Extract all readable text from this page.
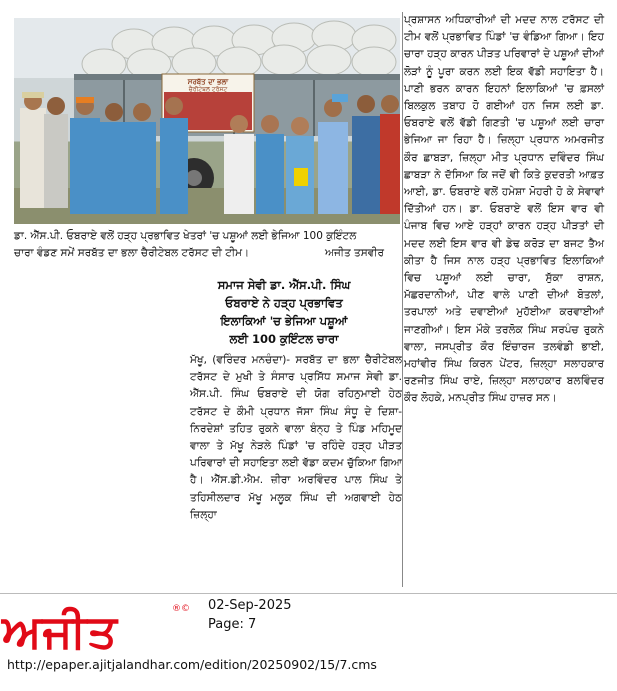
ਸਰਬੱਤ ਦਾ ਭਲਾ
ਚੈਰੀਟੇਬਲ ਟਰੱਸਟ
ਡਾ. ਐੱਸ.ਪੀ. ਓਬਰਾਏ ਵਲੋਂ ਹੜ੍ਹ ਪ੍ਰਭਾਵਿਤ ਖੇਤਰਾਂ 'ਚ ਪਸ਼ੂਆਂ ਲਈ ਭੇਜਿਆ 100 ਕੁਇੰਟਲ
ਚਾਰਾ ਵੰਡਣ ਸਮੇਂ ਸਰਬੱਤ ਦਾ ਭਲਾ ਚੈਰੀਟੇਬਲ ਟਰੱਸਟ ਦੀ ਟੀਮ।	ਅਜੀਤ ਤਸਵੀਰ
ਸਮਾਜ ਸੇਵੀ ਡਾ. ਐੱਸ.ਪੀ. ਸਿੰਘ
ਓਬਰਾਏ ਨੇ ਹੜ੍ਹ ਪ੍ਰਭਾਵਿਤ
ਇਲਾਕਿਆਂ 'ਚ ਭੇਜਿਆ ਪਸ਼ੂਆਂ
ਲਈ 100 ਕੁਇੰਟਲ ਚਾਰਾ

ਮੱਖੂ, (ਵਰਿੰਦਰ ਮਨਚੰਦਾ)- ਸਰਬੱਤ ਦਾ ਭਲਾ ਚੈਰੀਟੇਬਲ ਟਰੱਸਟ ਦੇ ਮੁਖੀ ਤੇ ਸੰਸਾਰ ਪ੍ਰਸਿੱਧ ਸਮਾਜ ਸੇਵੀ ਡਾ. ਐੱਸ.ਪੀ. ਸਿੰਘ ਓਬਰਾਏ ਦੀ ਯੋਗ ਰਹਿਨੁਮਾਈ ਹੇਠ ਟਰੱਸਟ ਦੇ ਕੌਮੀ ਪ੍ਰਧਾਨ ਜੱਸਾ ਸਿੰਘ ਸੰਧੂ ਦੇ ਦਿਸ਼ਾ-ਨਿਰਦੇਸ਼ਾਂ ਤਹਿਤ ਰੁਕਨੇ ਵਾਲਾ ਬੰਨ੍ਹ ਤੇ ਪਿੰਡ ਮਹਿਮੂਦ ਵਾਲਾ ਤੇ ਮੱਖੂ ਨੇੜਲੇ ਪਿੰਡਾਂ 'ਚ ਰਹਿੰਦੇ ਹੜ੍ਹ ਪੀੜਤ ਪਰਿਵਾਰਾਂ ਦੀ ਸਹਾਇਤਾ ਲਈ ਵੱਡਾ ਕਦਮ ਚੁੱਕਿਆ ਗਿਆ ਹੈ। ਐੱਸ.ਡੀ.ਐਮ. ਜ਼ੀਰਾ ਅਰਵਿੰਦਰ ਪਾਲ ਸਿੰਘ ਤੇ ਤਹਿਸੀਲਦਾਰ ਮੱਖੂ ਮਲੂਕ ਸਿੰਘ ਦੀ ਅਗਵਾਈ ਹੇਠ ਜ਼ਿਲ੍ਹਾ

ਪ੍ਰਸ਼ਾਸਨ ਅਧਿਕਾਰੀਆਂ ਦੀ ਮਦਦ ਨਾਲ ਟਰੱਸਟ ਦੀ ਟੀਮ ਵਲੋਂ ਪ੍ਰਭਾਵਿਤ ਪਿੰਡਾਂ 'ਚ ਵੰਡਿਆ ਗਿਆ। ਇਹ ਚਾਰਾ ਹੜ੍ਹ ਕਾਰਨ ਪੀੜਤ ਪਰਿਵਾਰਾਂ ਦੇ ਪਸ਼ੂਆਂ ਦੀਆਂ ਲੋੜਾਂ ਨੂੰ ਪੂਰਾ ਕਰਨ ਲਈ ਇਕ ਵੱਡੀ ਸਹਾਇਤਾ ਹੈ। ਪਾਣੀ ਭਰਨ ਕਾਰਨ ਇਹਨਾਂ ਇਲਾਕਿਆਂ 'ਚ ਫ਼ਸਲਾਂ ਬਿਲਕੁਲ ਤਬਾਹ ਹੋ ਗਈਆਂ ਹਨ ਜਿਸ ਲਈ ਡਾ. ਓਬਰਾਏ ਵਲੋਂ ਵੱਡੀ ਗਿਣਤੀ 'ਚ ਪਸ਼ੂਆਂ ਲਈ ਚਾਰਾ ਭੇਜਿਆ ਜਾ ਰਿਹਾ ਹੈ। ਜ਼ਿਲ੍ਹਾ ਪ੍ਰਧਾਨ ਅਮਰਜੀਤ ਕੌਰ ਛਾਬੜਾ, ਜ਼ਿਲ੍ਹਾ ਮੀਤ ਪ੍ਰਧਾਨ ਦਵਿੰਦਰ ਸਿੰਘ ਛਾਬੜਾ ਨੇ ਦੱਸਿਆ ਕਿ ਜਦੋਂ ਵੀ ਕਿਤੇ ਕੁਦਰਤੀ ਆਫ਼ਤ ਆਈ, ਡਾ. ਓਬਰਾਏ ਵਲੋਂ ਹਮੇਸ਼ਾ ਮੋਹਰੀ ਹੋ ਕੇ ਸੇਵਾਵਾਂ ਦਿੱਤੀਆਂ ਹਨ। ਡਾ. ਓਬਰਾਏ ਵਲੋਂ ਇਸ ਵਾਰ ਵੀ ਪੰਜਾਬ ਵਿਚ ਆਏ ਹੜ੍ਹਾਂ ਕਾਰਨ ਹੜ੍ਹ ਪੀੜਤਾਂ ਦੀ ਮਦਦ ਲਈ ਇਸ ਵਾਰ ਵੀ ਡੇਢ ਕਰੋੜ ਦਾ ਬਜਟ ਤੈਅ ਕੀਤਾ ਹੈ ਜਿਸ ਨਾਲ ਹੜ੍ਹ ਪ੍ਰਭਾਵਿਤ ਇਲਾਕਿਆਂ ਵਿਚ ਪਸ਼ੂਆਂ ਲਈ ਚਾਰਾ, ਸੁੱਕਾ ਰਾਸ਼ਨ, ਮੱਛਰਦਾਨੀਆਂ, ਪੀਣ ਵਾਲੇ ਪਾਣੀ ਦੀਆਂ ਬੋਤਲਾਂ, ਤਰਪਾਲਾਂ ਅਤੇ ਦਵਾਈਆਂ ਮੁਹੱਈਆ ਕਰਵਾਈਆਂ ਜਾਣਗੀਆਂ। ਇਸ ਮੌਕੇ ਤਰਲੋਕ ਸਿੰਘ ਸਰਪੰਚ ਰੁਕਨੇ ਵਾਲਾ, ਜਸਪ੍ਰੀਤ ਕੌਰ ਇੰਚਾਰਜ ਤਲਵੰਡੀ ਭਾਈ, ਮਹਾਂਵੀਰ ਸਿੰਘ ਕਿਰਨ ਪੇਂਟਰ, ਜ਼ਿਲ੍ਹਾ ਸਲਾਹਕਾਰ ਰਣਜੀਤ ਸਿੰਘ ਰਾਏ, ਜ਼ਿਲ੍ਹਾ ਸਲਾਹਕਾਰ ਬਲਵਿੰਦਰ ਕੌਰ ਲੋਹਕੇ, ਮਨਪ੍ਰੀਤ ਸਿੰਘ ਹਾਜ਼ਰ ਸਨ।

ਅਜੀਤ	®© 02-Sep-2025
Page: 7
http://epaper.ajitjalandhar.com/edition/20250902/15/7.cms
